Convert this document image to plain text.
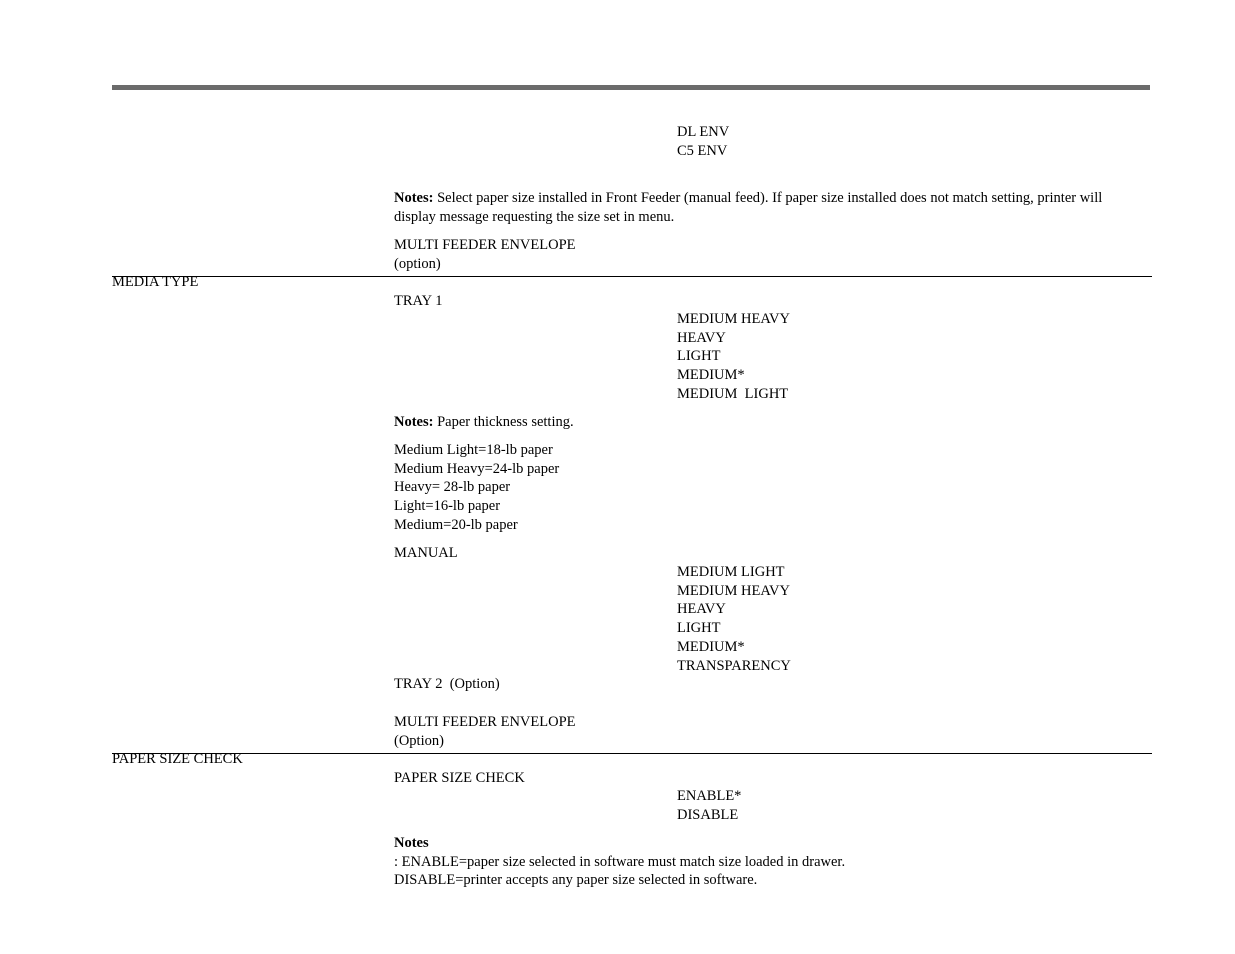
DL ENV
C5 ENV
Notes: Select paper size installed in Front Feeder (manual feed). If paper size installed does not match setting, printer will display message requesting the size set in menu.
MULTI FEEDER ENVELOPE
(option)
MEDIA TYPE
TRAY 1
MEDIUM HEAVY
HEAVY
LIGHT
MEDIUM*
MEDIUM  LIGHT
Notes: Paper thickness setting.
Medium Light=18-lb paper
Medium Heavy=24-lb paper
Heavy= 28-lb paper
Light=16-lb paper
Medium=20-lb paper
MANUAL
MEDIUM LIGHT
MEDIUM HEAVY
HEAVY
LIGHT
MEDIUM*
TRANSPARENCY
TRAY 2  (Option)
MULTI FEEDER ENVELOPE
(Option)
PAPER SIZE CHECK
PAPER SIZE CHECK
ENABLE*
DISABLE
Notes
: ENABLE=paper size selected in software must match size loaded in drawer.
DISABLE=printer accepts any paper size selected in software.
